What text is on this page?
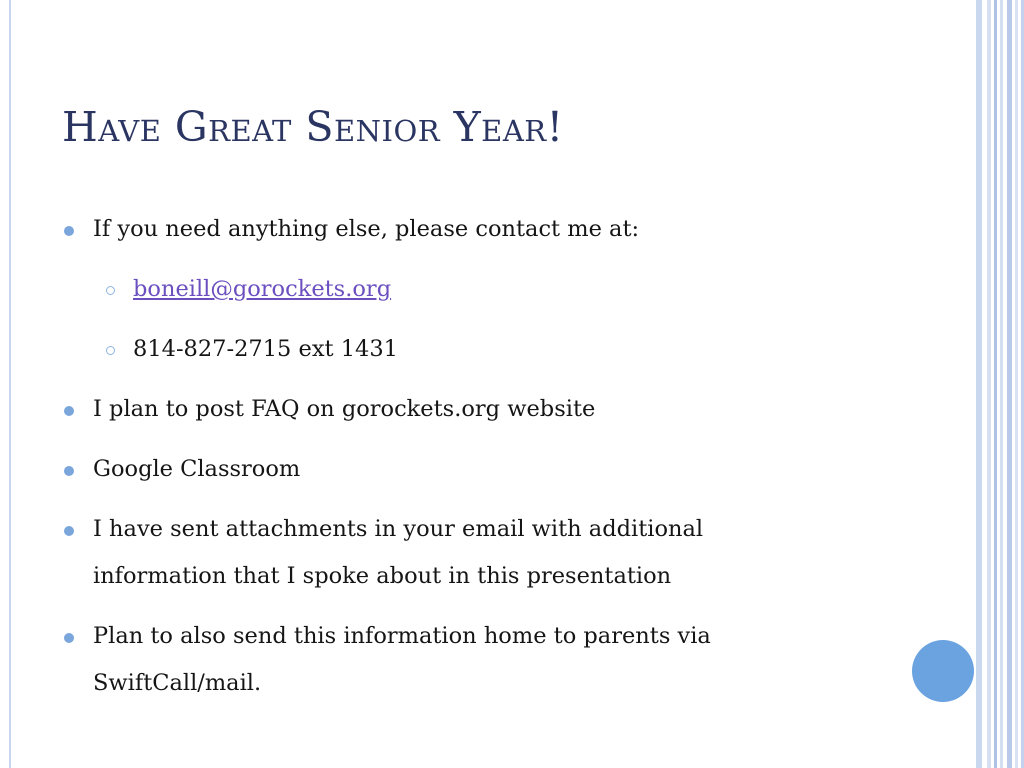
Have Great Senior Year!
If you need anything else, please contact me at:
boneill@gorockets.org
814-827-2715 ext 1431
I plan to post FAQ on gorockets.org website
Google Classroom
I have sent attachments in your email with additional information that I spoke about in this presentation
Plan to also send this information home to parents via SwiftCall/mail.
